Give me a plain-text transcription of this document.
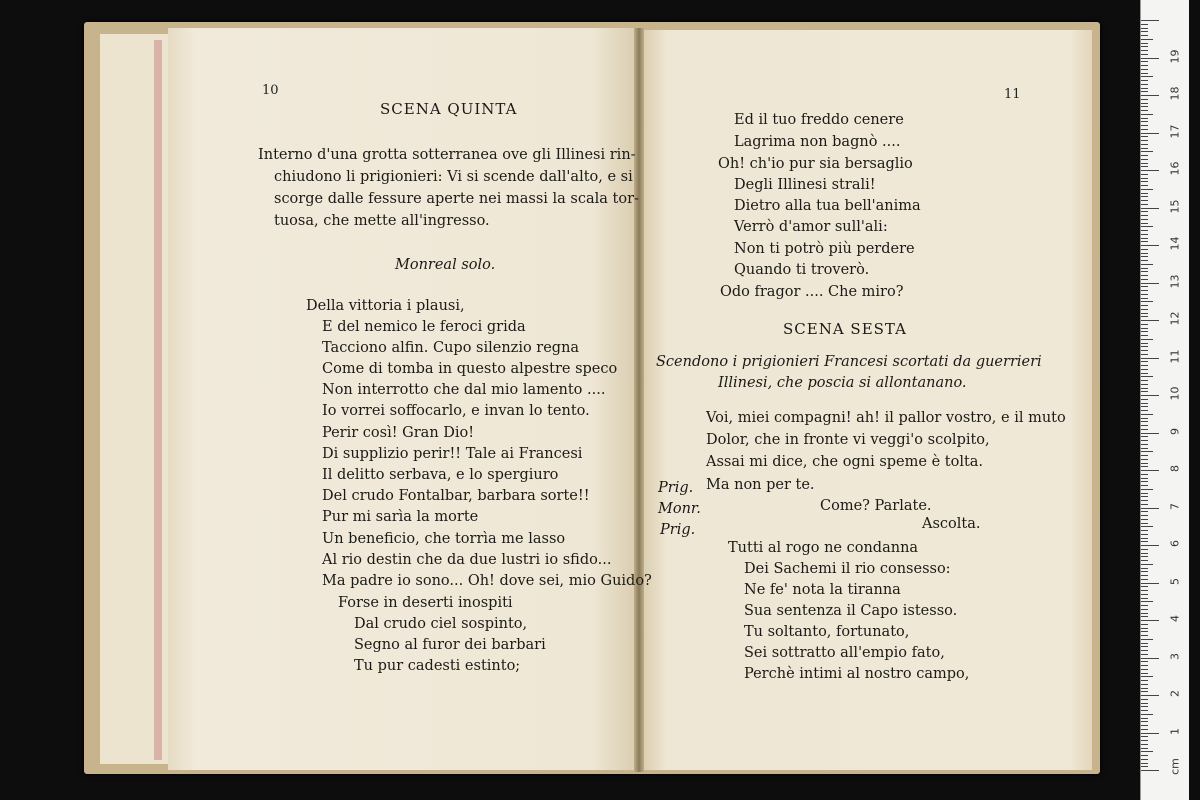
10
SCENA QUINTA
Interno d'una grotta sotterranea ove gli Illinesi rin-
chiudono li prigionieri: Vi si scende dall'alto, e si
scorge dalle fessure aperte nei massi la scala tor-
tuosa, che mette all'ingresso.
Monreal solo.
Della vittoria i plausi,
E del nemico le feroci grida
Tacciono alfin. Cupo silenzio regna
Come di tomba in questo alpestre speco
Non interrotto che dal mio lamento ....
Io vorrei soffocarlo, e invan lo tento.
Perir così! Gran Dio!
Di supplizio perir!! Tale ai Francesi
Il delitto serbava, e lo spergiuro
Del crudo Fontalbar, barbara sorte!!
Pur mi sarìa la morte
Un beneficio, che torrìa me lasso
Al rio destin che da due lustri io sfido...
Ma padre io sono... Oh! dove sei, mio Guido?
Forse in deserti inospiti
Dal crudo ciel sospinto,
Segno al furor dei barbari
Tu pur cadesti estinto;
11
Ed il tuo freddo cenere
Lagrima non bagnò ....
Oh! ch'io pur sia bersaglio
Degli Illinesi strali!
Dietro alla tua bell'anima
Verrò d'amor sull'ali:
Non ti potrò più perdere
Quando ti troverò.
Odo fragor .... Che miro?
SCENA SESTA
Scendono i prigionieri Francesi scortati da guerrieri
Illinesi, che poscia si allontanano.
Voi, miei compagni! ah! il pallor vostro, e il muto
Dolor, che in fronte vi veggi'o scolpito,
Assai mi dice, che ogni speme è tolta.
Prig. Ma non per te.
Monr.	Come? Parlate.
Prig.	Ascolta.
Tutti al rogo ne condanna
Dei Sachemi il rio consesso:
Ne fe' nota la tiranna
Sua sentenza il Capo istesso.
Tu soltanto, fortunato,
Sei sottratto all'empio fato,
Perchè intimi al nostro campo,
cm
1
2
3
4
5
6
7
8
9
10
11
12
13
14
15
16
17
18
19
